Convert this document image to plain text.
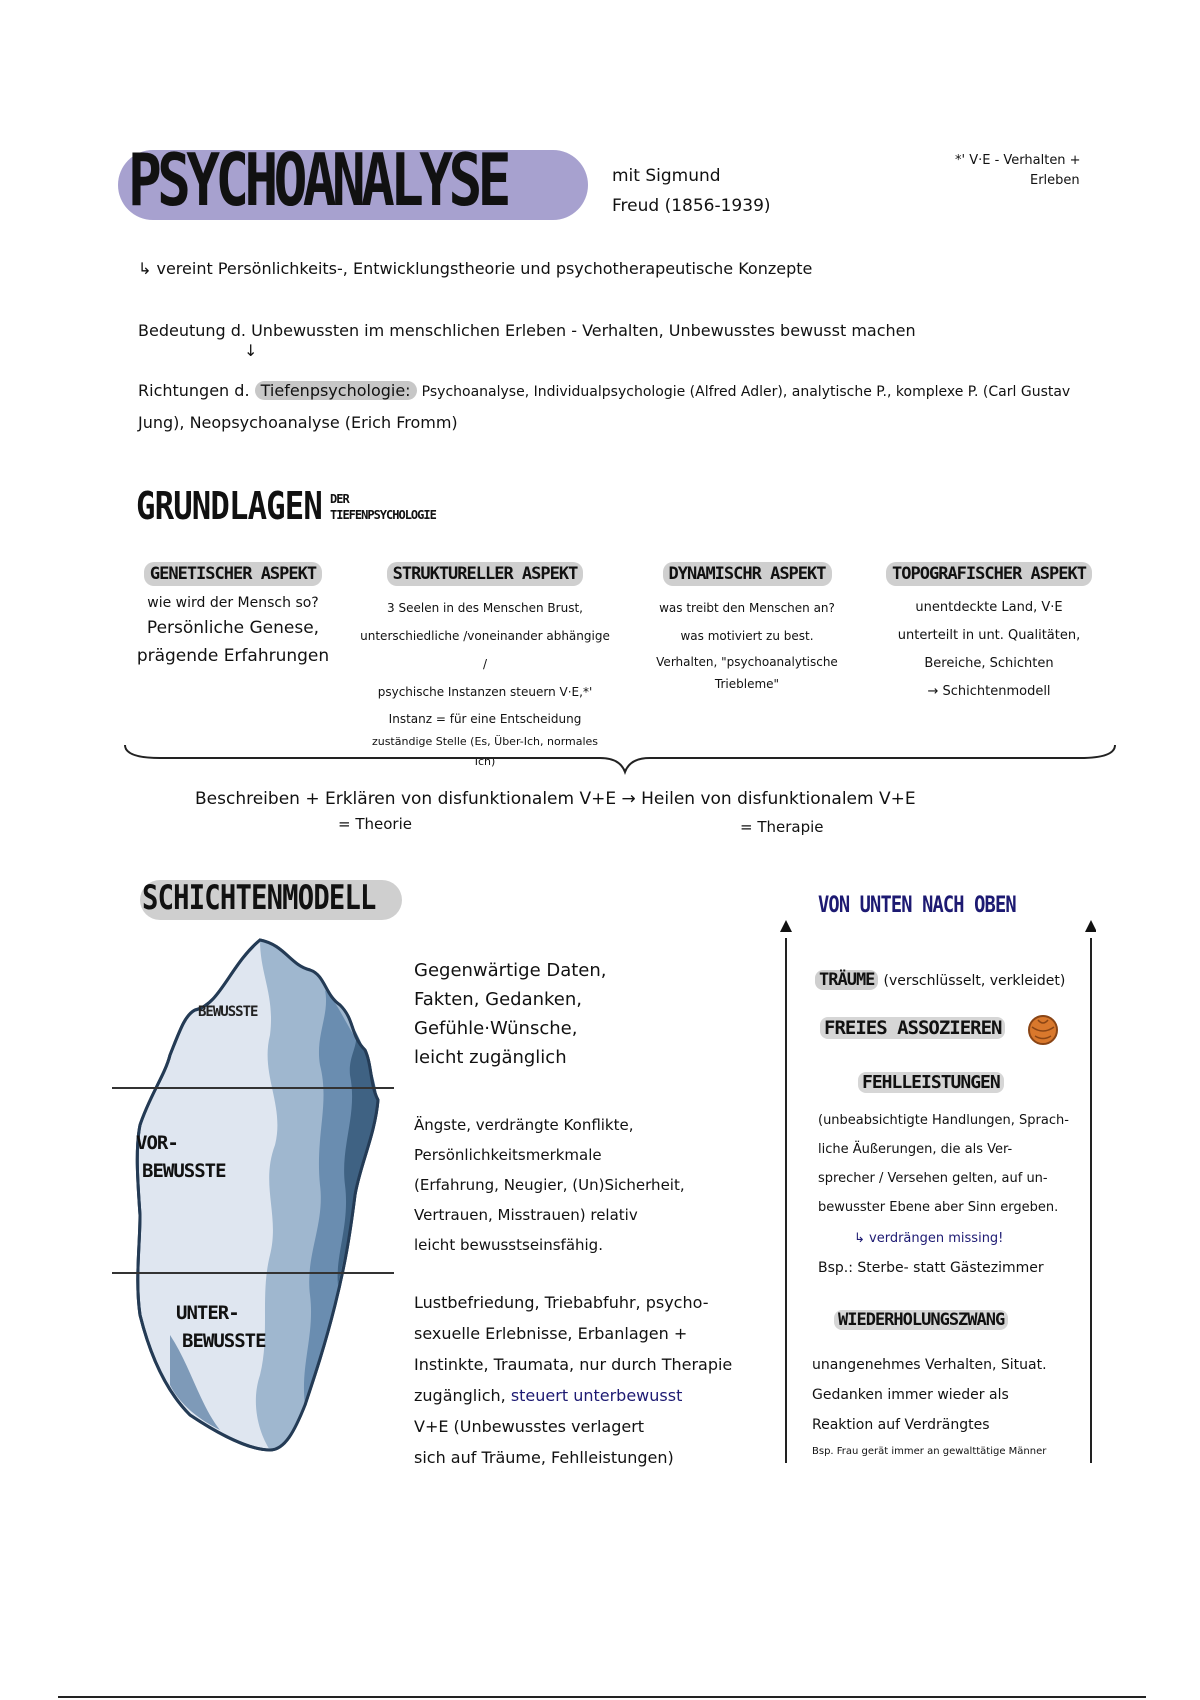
PSYCHOANALYSE	mit Sigmund
Freud (1856-1939)
*' V·E - Verhalten +
Erleben
↳ vereint Persönlichkeits-, Entwicklungstheorie und psychotherapeutische Konzepte
Bedeutung d. Unbewussten im menschlichen Erleben - Verhalten, Unbewusstes bewusst machen
↓
Richtungen d. Tiefenpsychologie: Psychoanalyse, Individualpsychologie (Alfred Adler), analytische P., komplexe P. (Carl Gustav
Jung), Neopsychoanalyse (Erich Fromm)
GRUNDLAGEN DER
TIEFENPSYCHOLOGIE
GENETISCHER ASPEKT
wie wird der Mensch so?
Persönliche Genese,
prägende Erfahrungen
STRUKTURELLER ASPEKT
3 Seelen in des Menschen Brust,
unterschiedliche /voneinander abhängige /
psychische Instanzen steuern V·E,*'
Instanz = für eine Entscheidung
zuständige Stelle (Es, Über-Ich, normales Ich)
DYNAMISCHR ASPEKT
was treibt den Menschen an?
was motiviert zu best.
Verhalten, "psychoanalytische
Triebleme"
TOPOGRAFISCHER ASPEKT
unentdeckte Land, V·E
unterteilt in unt. Qualitäten,
Bereiche, Schichten
→ Schichtenmodell
Beschreiben + Erklären von disfunktionalem V+E → Heilen von disfunktionalem V+E
= Theorie	= Therapie
SCHICHTENMODELL
BEWUSSTE
VOR-
BEWUSSTE
UNTER-
BEWUSSTE
Gegenwärtige Daten,
Fakten, Gedanken,
Gefühle·Wünsche,
leicht zugänglich
Ängste, verdrängte Konflikte,
Persönlichkeitsmerkmale
(Erfahrung, Neugier, (Un)Sicherheit,
Vertrauen, Misstrauen) relativ
leicht bewusstseinsfähig.
Lustbefriedung, Triebabfuhr, psycho-
sexuelle Erlebnisse, Erbanlagen +
Instinkte, Traumata, nur durch Therapie
zugänglich, steuert unterbewusst
V+E (Unbewusstes verlagert
sich auf Träume, Fehlleistungen)
VON UNTEN NACH OBEN
TRÄUME (verschlüsselt, verkleidet)
FREIES ASSOZIEREN
FEHLLEISTUNGEN
(unbeabsichtigte Handlungen, Sprach-
liche Äußerungen, die als Ver-
sprecher / Versehen gelten, auf un-
bewusster Ebene aber Sinn ergeben.
↳ verdrängen missing!
Bsp.: Sterbe- statt Gästezimmer
WIEDERHOLUNGSZWANG
unangenehmes Verhalten, Situat.
Gedanken immer wieder als
Reaktion auf Verdrängtes
Bsp. Frau gerät immer an gewalttätige Männer
